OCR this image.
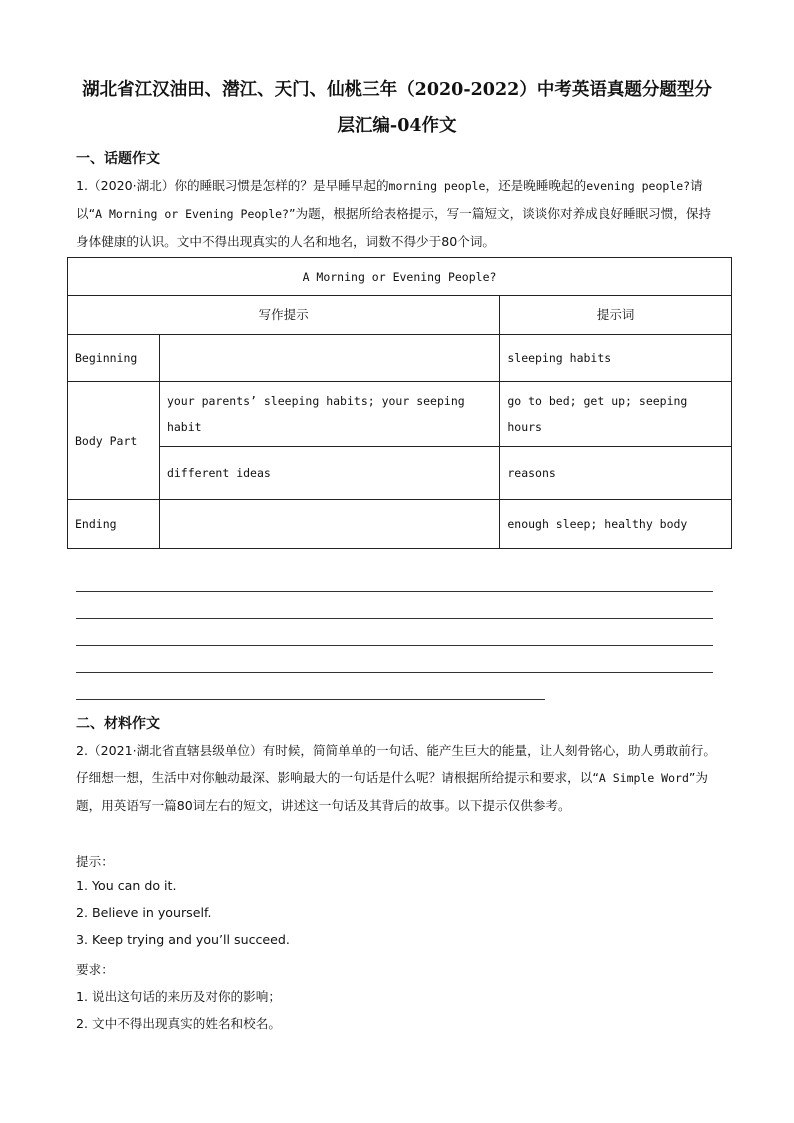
湖北省江汉油田、潜江、天门、仙桃三年（2020-2022）中考英语真题分题型分
层汇编-04作文
一、话题作文
1.（2020·湖北）你的睡眠习惯是怎样的？是早睡早起的morning people，还是晚睡晚起的evening people?请以“A Morning or Evening People?”为题，根据所给表格提示，写一篇短文，谈谈你对养成良好睡眠习惯，保持身体健康的认识。文中不得出现真实的人名和地名，词数不得少于80个词。
A Morning or Evening People?		
写作提示		提示词
Beginning		sleeping habits
Body Part	your parents’ sleeping habits; your seeping habit	go to bed; get up; seeping hours
	different ideas	reasons
Ending		enough sleep; healthy body
二、材料作文
2.（2021·湖北省直辖县级单位）有时候，简简单单的一句话、能产生巨大的能量，让人刻骨铭心，助人勇敢前行。仔细想一想，生活中对你触动最深、影响最大的一句话是什么呢？请根据所给提示和要求，以“A Simple Word”为题，用英语写一篇80词左右的短文，讲述这一句话及其背后的故事。以下提示仅供参考。
提示：
1. You can do it.
2. Believe in yourself.
3. Keep trying and you’ll succeed.
要求：
1. 说出这句话的来历及对你的影响；
2. 文中不得出现真实的姓名和校名。
